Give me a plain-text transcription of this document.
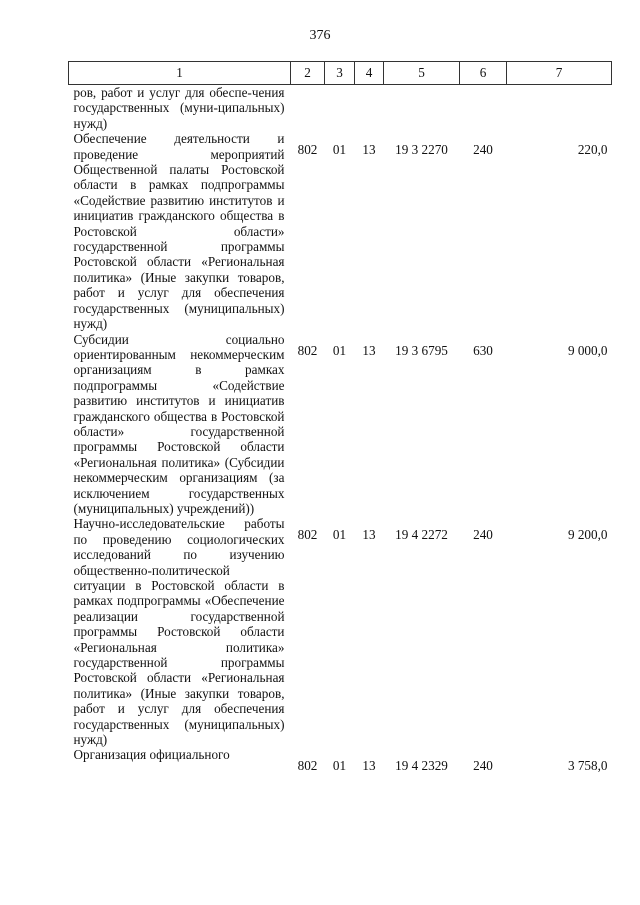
376
1	2	3	4	5	6	7
ров, работ и услуг для обеспе-чения государственных (муни-ципальных) нужд)						
Обеспечение деятельности и проведение мероприятий Общественной палаты Ростовской области в рамках подпрограммы «Содействие развитию институтов и инициатив гражданского общества в Ростовской области» государственной программы Ростовской области «Региональная политика» (Иные закупки товаров, работ и услуг для обеспечения государственных (муниципальных) нужд)	802	01	13	19 3 2270	240	220,0
Субсидии социально ориентированным некоммерческим организациям в рамках подпрограммы «Содействие развитию институтов и инициатив гражданского общества в Ростовской области» государственной программы Ростовской области «Региональная политика» (Субсидии некоммерческим организациям (за исключением государственных (муниципальных) учреждений))	802	01	13	19 3 6795	630	9 000,0
Научно-исследовательские работы по проведению социологических исследований по изучению общественно-политической ситуации в Ростовской области в рамках подпрограммы «Обеспечение реализации государственной программы Ростовской области «Региональная политика» государственной программы Ростовской области «Региональная политика» (Иные закупки товаров, работ и услуг для обеспечения государственных (муниципальных) нужд)	802	01	13	19 4 2272	240	9 200,0
Организация официального	802	01	13	19 4 2329	240	3 758,0
